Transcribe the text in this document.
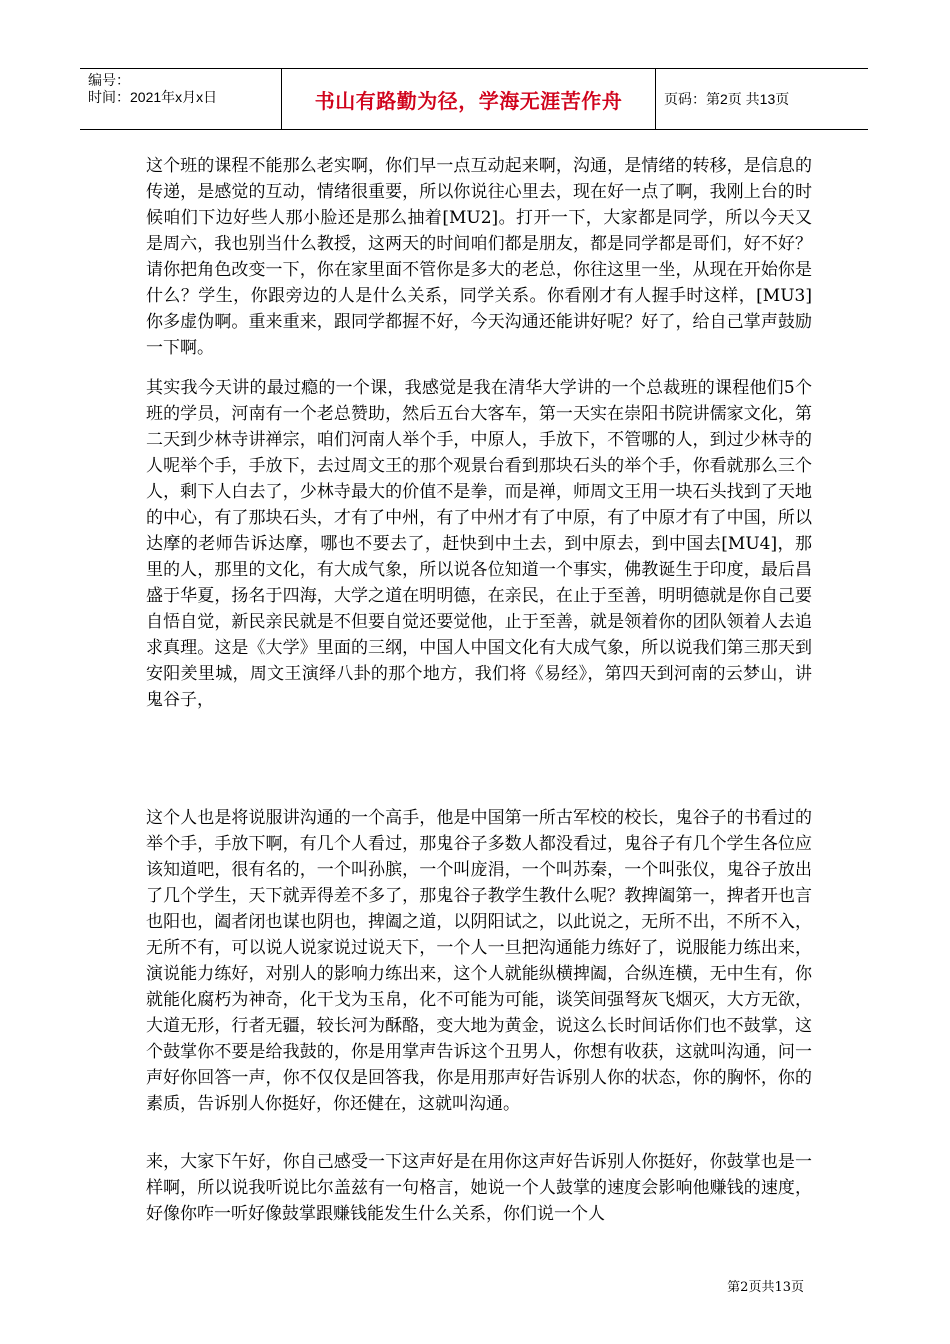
编号：
时间：2021年x月x日	书山有路勤为径，学海无涯苦作舟	页码：第2页 共13页

这个班的课程不能那么老实啊，你们早一点互动起来啊，沟通，是情绪的转移，是信息的传递，是感觉的互动，情绪很重要，所以你说往心里去，现在好一点了啊，我刚上台的时候咱们下边好些人那小脸还是那么抽着[MU2]。打开一下，大家都是同学，所以今天又是周六，我也别当什么教授，这两天的时间咱们都是朋友，都是同学都是哥们，好不好？请你把角色改变一下，你在家里面不管你是多大的老总，你往这里一坐，从现在开始你是什么？学生，你跟旁边的人是什么关系，同学关系。你看刚才有人握手时这样，[MU3]你多虚伪啊。重来重来，跟同学都握不好，今天沟通还能讲好呢？好了，给自己掌声鼓励一下啊。

其实我今天讲的最过瘾的一个课，我感觉是我在清华大学讲的一个总裁班的课程他们5个班的学员，河南有一个老总赞助，然后五台大客车，第一天实在崇阳书院讲儒家文化，第二天到少林寺讲禅宗，咱们河南人举个手，中原人，手放下，不管哪的人，到过少林寺的人呢举个手，手放下，去过周文王的那个观景台看到那块石头的举个手，你看就那么三个人，剩下人白去了，少林寺最大的价值不是拳，而是禅，师周文王用一块石头找到了天地的中心，有了那块石头，才有了中州，有了中州才有了中原，有了中原才有了中国，所以达摩的老师告诉达摩，哪也不要去了，赶快到中土去，到中原去，到中国去[MU4]，那里的人，那里的文化，有大成气象，所以说各位知道一个事实，佛教诞生于印度，最后昌盛于华夏，扬名于四海，大学之道在明明德，在亲民，在止于至善，明明德就是你自己要自悟自觉，新民亲民就是不但要自觉还要觉他，止于至善，就是领着你的团队领着人去追求真理。这是《大学》里面的三纲，中国人中国文化有大成气象，所以说我们第三那天到安阳羑里城，周文王演绎八卦的那个地方，我们将《易经》，第四天到河南的云梦山，讲鬼谷子，

这个人也是将说服讲沟通的一个高手，他是中国第一所古军校的校长，鬼谷子的书看过的举个手，手放下啊，有几个人看过，那鬼谷子多数人都没看过，鬼谷子有几个学生各位应该知道吧，很有名的，一个叫孙膑，一个叫庞涓，一个叫苏秦，一个叫张仪，鬼谷子放出了几个学生，天下就弄得差不多了，那鬼谷子教学生教什么呢？教捭阖第一，捭者开也言也阳也，阖者闭也谋也阴也，捭阖之道，以阴阳试之，以此说之，无所不出，不所不入，无所不有，可以说人说家说过说天下，一个人一旦把沟通能力练好了，说服能力练出来，演说能力练好，对别人的影响力练出来，这个人就能纵横捭阖，合纵连横，无中生有，你就能化腐朽为神奇，化干戈为玉帛，化不可能为可能，谈笑间强弩灰飞烟灭，大方无欲，大道无形，行者无疆，较长河为酥酪，变大地为黄金，说这么长时间话你们也不鼓掌，这个鼓掌你不要是给我鼓的，你是用掌声告诉这个丑男人，你想有收获，这就叫沟通，问一声好你回答一声，你不仅仅是回答我，你是用那声好告诉别人你的状态，你的胸怀，你的素质，告诉别人你挺好，你还健在，这就叫沟通。

来，大家下午好，你自己感受一下这声好是在用你这声好告诉别人你挺好，你鼓掌也是一样啊，所以说我听说比尔盖兹有一句格言，她说一个人鼓掌的速度会影响他赚钱的速度，好像你咋一听好像鼓掌跟赚钱能发生什么关系，你们说一个人

第2页共13页
